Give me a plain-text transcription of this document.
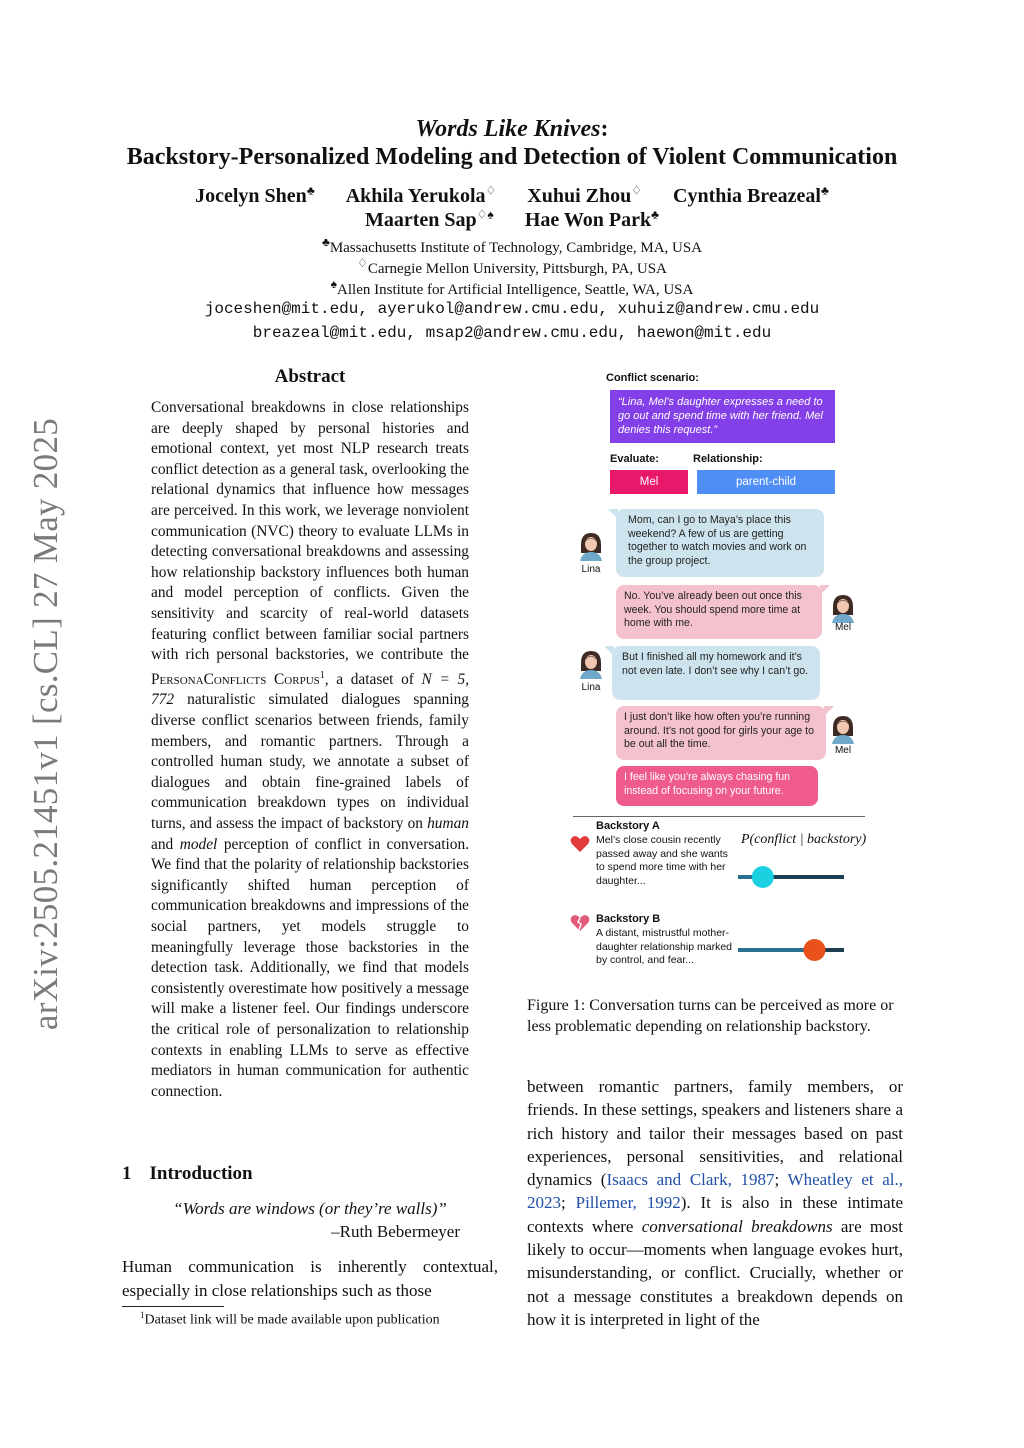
arXiv:2505.21451v1 [cs.CL] 27 May 2025
Words Like Knives:
Backstory-Personalized Modeling and Detection of Violent Communication
Jocelyn Shen♣ Akhila Yerukola♢ Xuhui Zhou♢ Cynthia Breazeal♣
Maarten Sap♢♠ Hae Won Park♣
♣Massachusetts Institute of Technology, Cambridge, MA, USA
♢Carnegie Mellon University, Pittsburgh, PA, USA
♠Allen Institute for Artificial Intelligence, Seattle, WA, USA
joceshen@mit.edu, ayerukol@andrew.cmu.edu, xuhuiz@andrew.cmu.edu
breazeal@mit.edu, msap2@andrew.cmu.edu, haewon@mit.edu
Abstract
Conversational breakdowns in close relationships are deeply shaped by personal histories and emotional context, yet most NLP research treats conflict detection as a general task, overlooking the relational dynamics that influence how messages are perceived. In this work, we leverage nonviolent communication (NVC) theory to evaluate LLMs in detecting conversational breakdowns and assessing how relationship backstory influences both human and model perception of conflicts. Given the sensitivity and scarcity of real-world datasets featuring conflict between familiar social partners with rich personal backstories, we contribute the PersonaConflicts Corpus$^1$, a dataset of N = 5, 772 naturalistic simulated dialogues spanning diverse conflict scenarios between friends, family members, and romantic partners. Through a controlled human study, we annotate a subset of dialogues and obtain fine-grained labels of communication breakdown types on individual turns, and assess the impact of backstory on human and model perception of conflict in conversation. We find that the polarity of relationship backstories significantly shifted human perception of communication breakdowns and impressions of the social partners, yet models struggle to meaningfully leverage those backstories in the detection task. Additionally, we find that models consistently overestimate how positively a message will make a listener feel. Our findings underscore the critical role of personalization to relationship contexts in enabling LLMs to serve as effective mediators in human communication for authentic connection.
1 Introduction
“Words are windows (or they’re walls)”
–Ruth Bebermeyer
Human communication is inherently contextual, especially in close relationships such as those
$^1$Dataset link will be made available upon publication
Conflict scenario:
“Lina, Mel’s daughter expresses a need to go out and spend time with her friend. Mel denies this request.”
Evaluate:	Relationship:
Mel	parent-child
Lina
Mom, can I go to Maya’s place this weekend? A few of us are getting together to watch movies and work on the group project.
No. You’ve already been out once this week. You should spend more time at home with me.	Mel
Lina
But I finished all my homework and it’s not even late. I don’t see why I can’t go.
I just don’t like how often you’re running around. It’s not good for girls your age to be out all the time.
Mel
I feel like you’re always chasing fun instead of focusing on your future.
P(conflict | backstory)
Backstory A
Mel’s close cousin recently passed away and she wants to spend more time with her daughter...
Backstory B
A distant, mistrustful mother-daughter relationship marked by control, and fear...
Figure 1: Conversation turns can be perceived as more or less problematic depending on relationship backstory.
between romantic partners, family members, or friends. In these settings, speakers and listeners share a rich history and tailor their messages based on past experiences, personal sensitivities, and relational dynamics (Isaacs and Clark, 1987; Wheatley et al., 2023; Pillemer, 1992). It is also in these intimate contexts where conversational breakdowns are most likely to occur—moments when language evokes hurt, misunderstanding, or conflict. Crucially, whether or not a message constitutes a breakdown depends on how it is interpreted in light of the
